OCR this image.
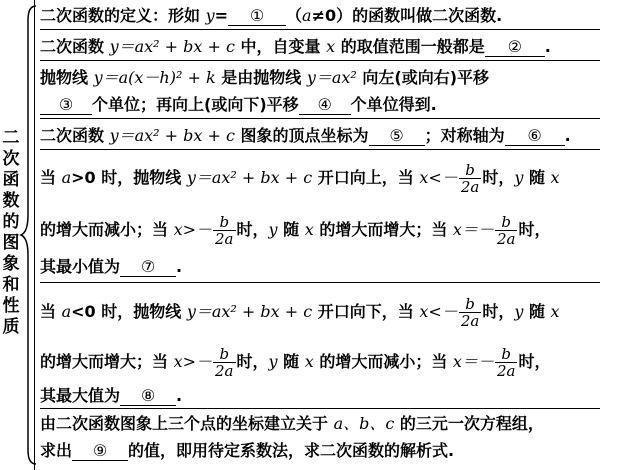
二
次
函
数
的
图
象
和
性
质
二次函数的定义：形如 y= ① （a≠0）的函数叫做二次函数.
二次函数 y＝ax² + bx + c 中，自变量 x 的取值范围一般都是 ② .
抛物线 y＝a(x－h)² + k 是由抛物线 y＝ax² 向左(或向右)平移
③ 个单位；再向上(或向下)平移 ④ 个单位得到.
二次函数 y＝ax² + bx + c 图象的顶点坐标为 ⑤ ；对称轴为 ⑥ .
当 a>0 时，抛物线 y＝ax² + bx + c 开口向上，当 $x<- \frac{b}{2a}$ 时，y 随 x
的增大而减小；当 $x>- \frac{b}{2a}$ 时，y 随 x 的增大而增大；当 $x=- \frac{b}{2a}$ 时，
其最小值为 ⑦ .
当 a<0 时，抛物线 y＝ax² + bx + c 开口向下，当 $x<- \frac{b}{2a}$ 时，y 随 x
的增大而增大；当 $x>- \frac{b}{2a}$ 时，y 随 x 的增大而减小；当 $x=- \frac{b}{2a}$ 时，
其最大值为 ⑧ .
由二次函数图象上三个点的坐标建立关于 a、b、c 的三元一次方程组，
求出 ⑨ 的值，即用待定系数法，求二次函数的解析式.
